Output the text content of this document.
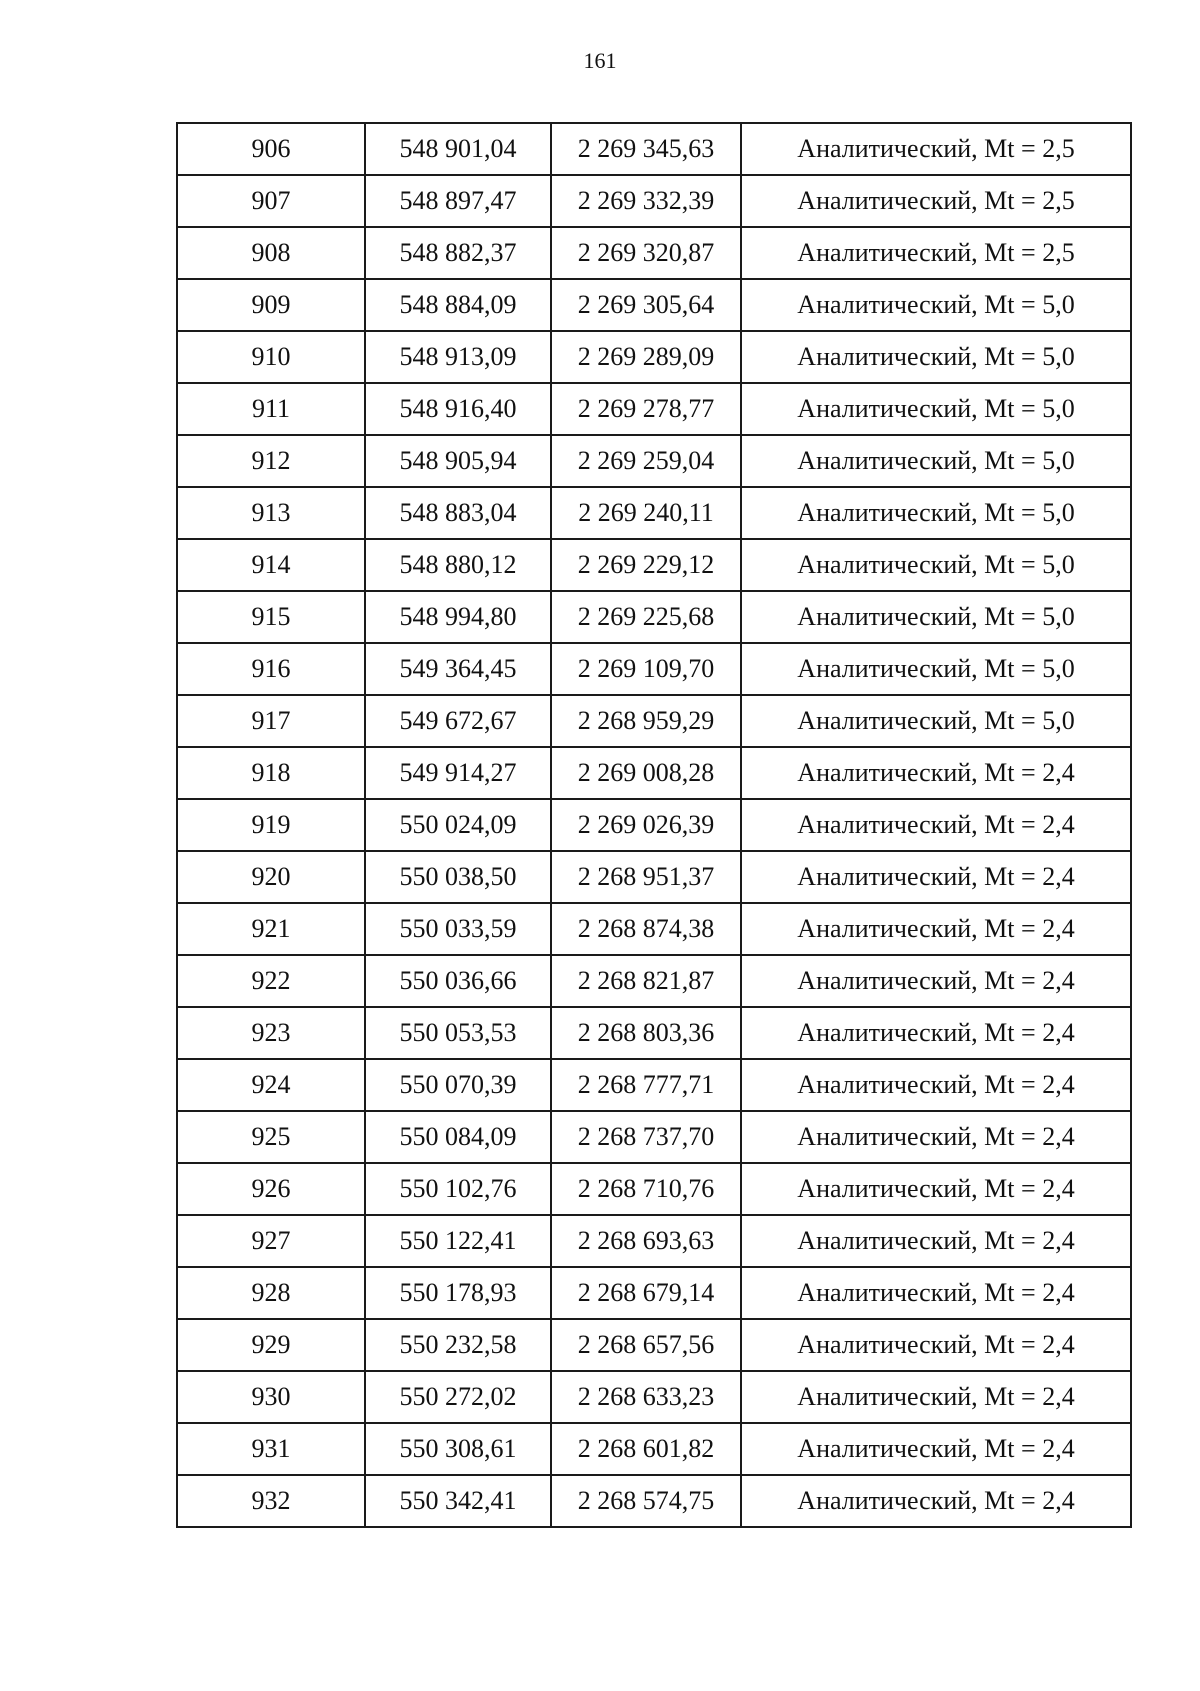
161
906	548 901,04	2 269 345,63	Аналитический, Mt = 2,5
907	548 897,47	2 269 332,39	Аналитический, Mt = 2,5
908	548 882,37	2 269 320,87	Аналитический, Mt = 2,5
909	548 884,09	2 269 305,64	Аналитический, Mt = 5,0
910	548 913,09	2 269 289,09	Аналитический, Mt = 5,0
911	548 916,40	2 269 278,77	Аналитический, Mt = 5,0
912	548 905,94	2 269 259,04	Аналитический, Mt = 5,0
913	548 883,04	2 269 240,11	Аналитический, Mt = 5,0
914	548 880,12	2 269 229,12	Аналитический, Mt = 5,0
915	548 994,80	2 269 225,68	Аналитический, Mt = 5,0
916	549 364,45	2 269 109,70	Аналитический, Mt = 5,0
917	549 672,67	2 268 959,29	Аналитический, Mt = 5,0
918	549 914,27	2 269 008,28	Аналитический, Mt = 2,4
919	550 024,09	2 269 026,39	Аналитический, Mt = 2,4
920	550 038,50	2 268 951,37	Аналитический, Mt = 2,4
921	550 033,59	2 268 874,38	Аналитический, Mt = 2,4
922	550 036,66	2 268 821,87	Аналитический, Mt = 2,4
923	550 053,53	2 268 803,36	Аналитический, Mt = 2,4
924	550 070,39	2 268 777,71	Аналитический, Mt = 2,4
925	550 084,09	2 268 737,70	Аналитический, Mt = 2,4
926	550 102,76	2 268 710,76	Аналитический, Mt = 2,4
927	550 122,41	2 268 693,63	Аналитический, Mt = 2,4
928	550 178,93	2 268 679,14	Аналитический, Mt = 2,4
929	550 232,58	2 268 657,56	Аналитический, Mt = 2,4
930	550 272,02	2 268 633,23	Аналитический, Mt = 2,4
931	550 308,61	2 268 601,82	Аналитический, Mt = 2,4
932	550 342,41	2 268 574,75	Аналитический, Mt = 2,4
